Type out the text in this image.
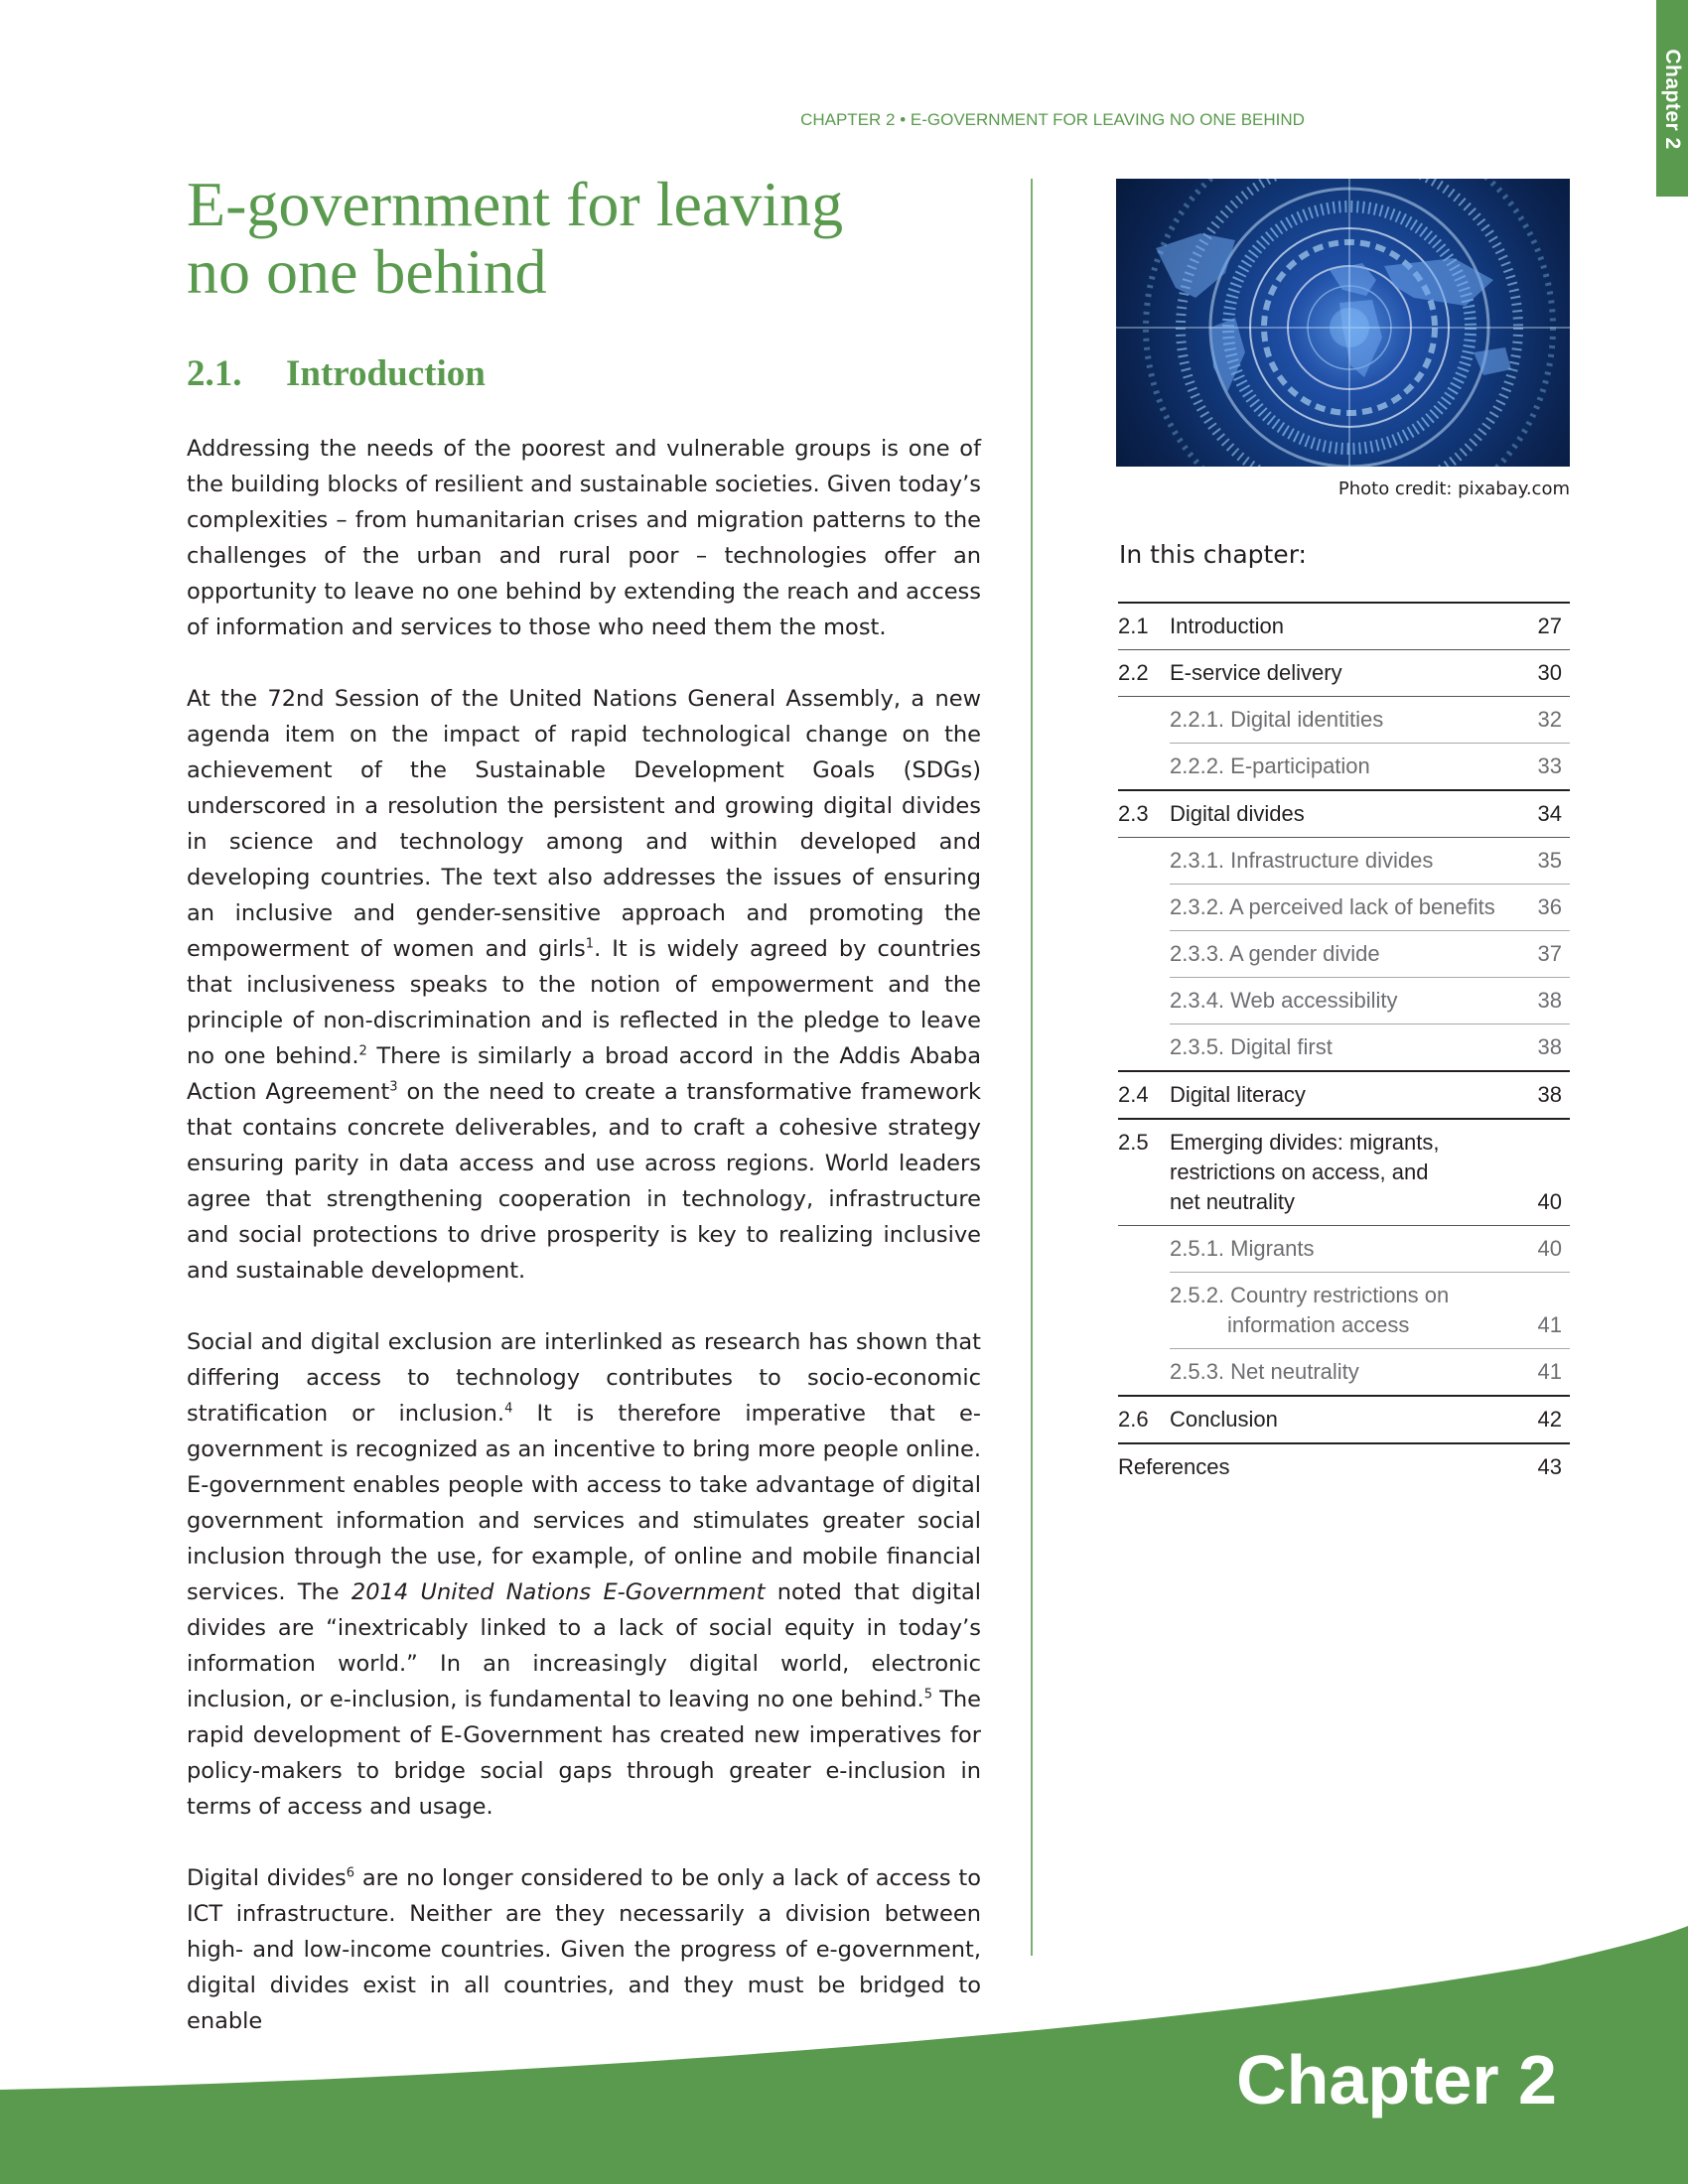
Chapter 2
CHAPTER 2 • E-GOVERNMENT FOR LEAVING NO ONE BEHIND
E-government for leaving
no one behind
2.1. Introduction

Addressing the needs of the poorest and vulnerable groups is one of the building blocks of resilient and sustainable societies. Given today’s complexities – from humanitarian crises and migration patterns to the challenges of the urban and rural poor – technologies offer an opportunity to leave no one behind by extending the reach and access of information and services to those who need them the most.

At the 72nd Session of the United Nations General Assembly, a new agenda item on the impact of rapid technological change on the achievement of the Sustainable Development Goals (SDGs) underscored in a resolution the persistent and growing digital divides in science and technology among and within developed and developing countries. The text also addresses the issues of ensuring an inclusive and gender-sensitive approach and promoting the empowerment of women and girls$^1$. It is widely agreed by countries that inclusiveness speaks to the notion of empowerment and the principle of non-discrimination and is reflected in the pledge to leave no one behind.$^2$ There is similarly a broad accord in the Addis Ababa Action Agreement$^3$ on the need to create a transformative framework that contains concrete deliverables, and to craft a cohesive strategy ensuring parity in data access and use across regions. World leaders agree that strengthening cooperation in technology, infrastructure and social protections to drive prosperity is key to realizing inclusive and sustainable development.

Social and digital exclusion are interlinked as research has shown that differing access to technology contributes to socio-economic stratification or inclusion.$^4$ It is therefore imperative that e-government is recognized as an incentive to bring more people online. E-government enables people with access to take advantage of digital government information and services and stimulates greater social inclusion through the use, for example, of online and mobile financial services. The 2014 United Nations E-Government noted that digital divides are “inextricably linked to a lack of social equity in today’s information world.” In an increasingly digital world, electronic inclusion, or e-inclusion, is fundamental to leaving no one behind.$^5$ The rapid development of E-Government has created new imperatives for policy-makers to bridge social gaps through greater e-inclusion in terms of access and usage.

Digital divides$^6$ are no longer considered to be only a lack of access to ICT infrastructure. Neither are they necessarily a division between high- and low-income countries. Given the progress of e-government, digital divides exist in all countries, and they must be bridged to enable

Photo credit: pixabay.com
In this chapter:
2.1 Introduction	27
2.2 E-service delivery	30
2.2.1. Digital identities	32
2.2.2. E-participation	33
2.3 Digital divides	34
2.3.1. Infrastructure divides	35
2.3.2. A perceived lack of benefits	36
2.3.3. A gender divide	37
2.3.4. Web accessibility	38
2.3.5. Digital first	38
2.4 Digital literacy	38
2.5 Emerging divides: migrants, restrictions on access, and net neutrality	40
2.5.1. Migrants	40
2.5.2. Country restrictions on
information access	41
2.5.3. Net neutrality	41
2.6 Conclusion	42
References	43
Chapter 2
